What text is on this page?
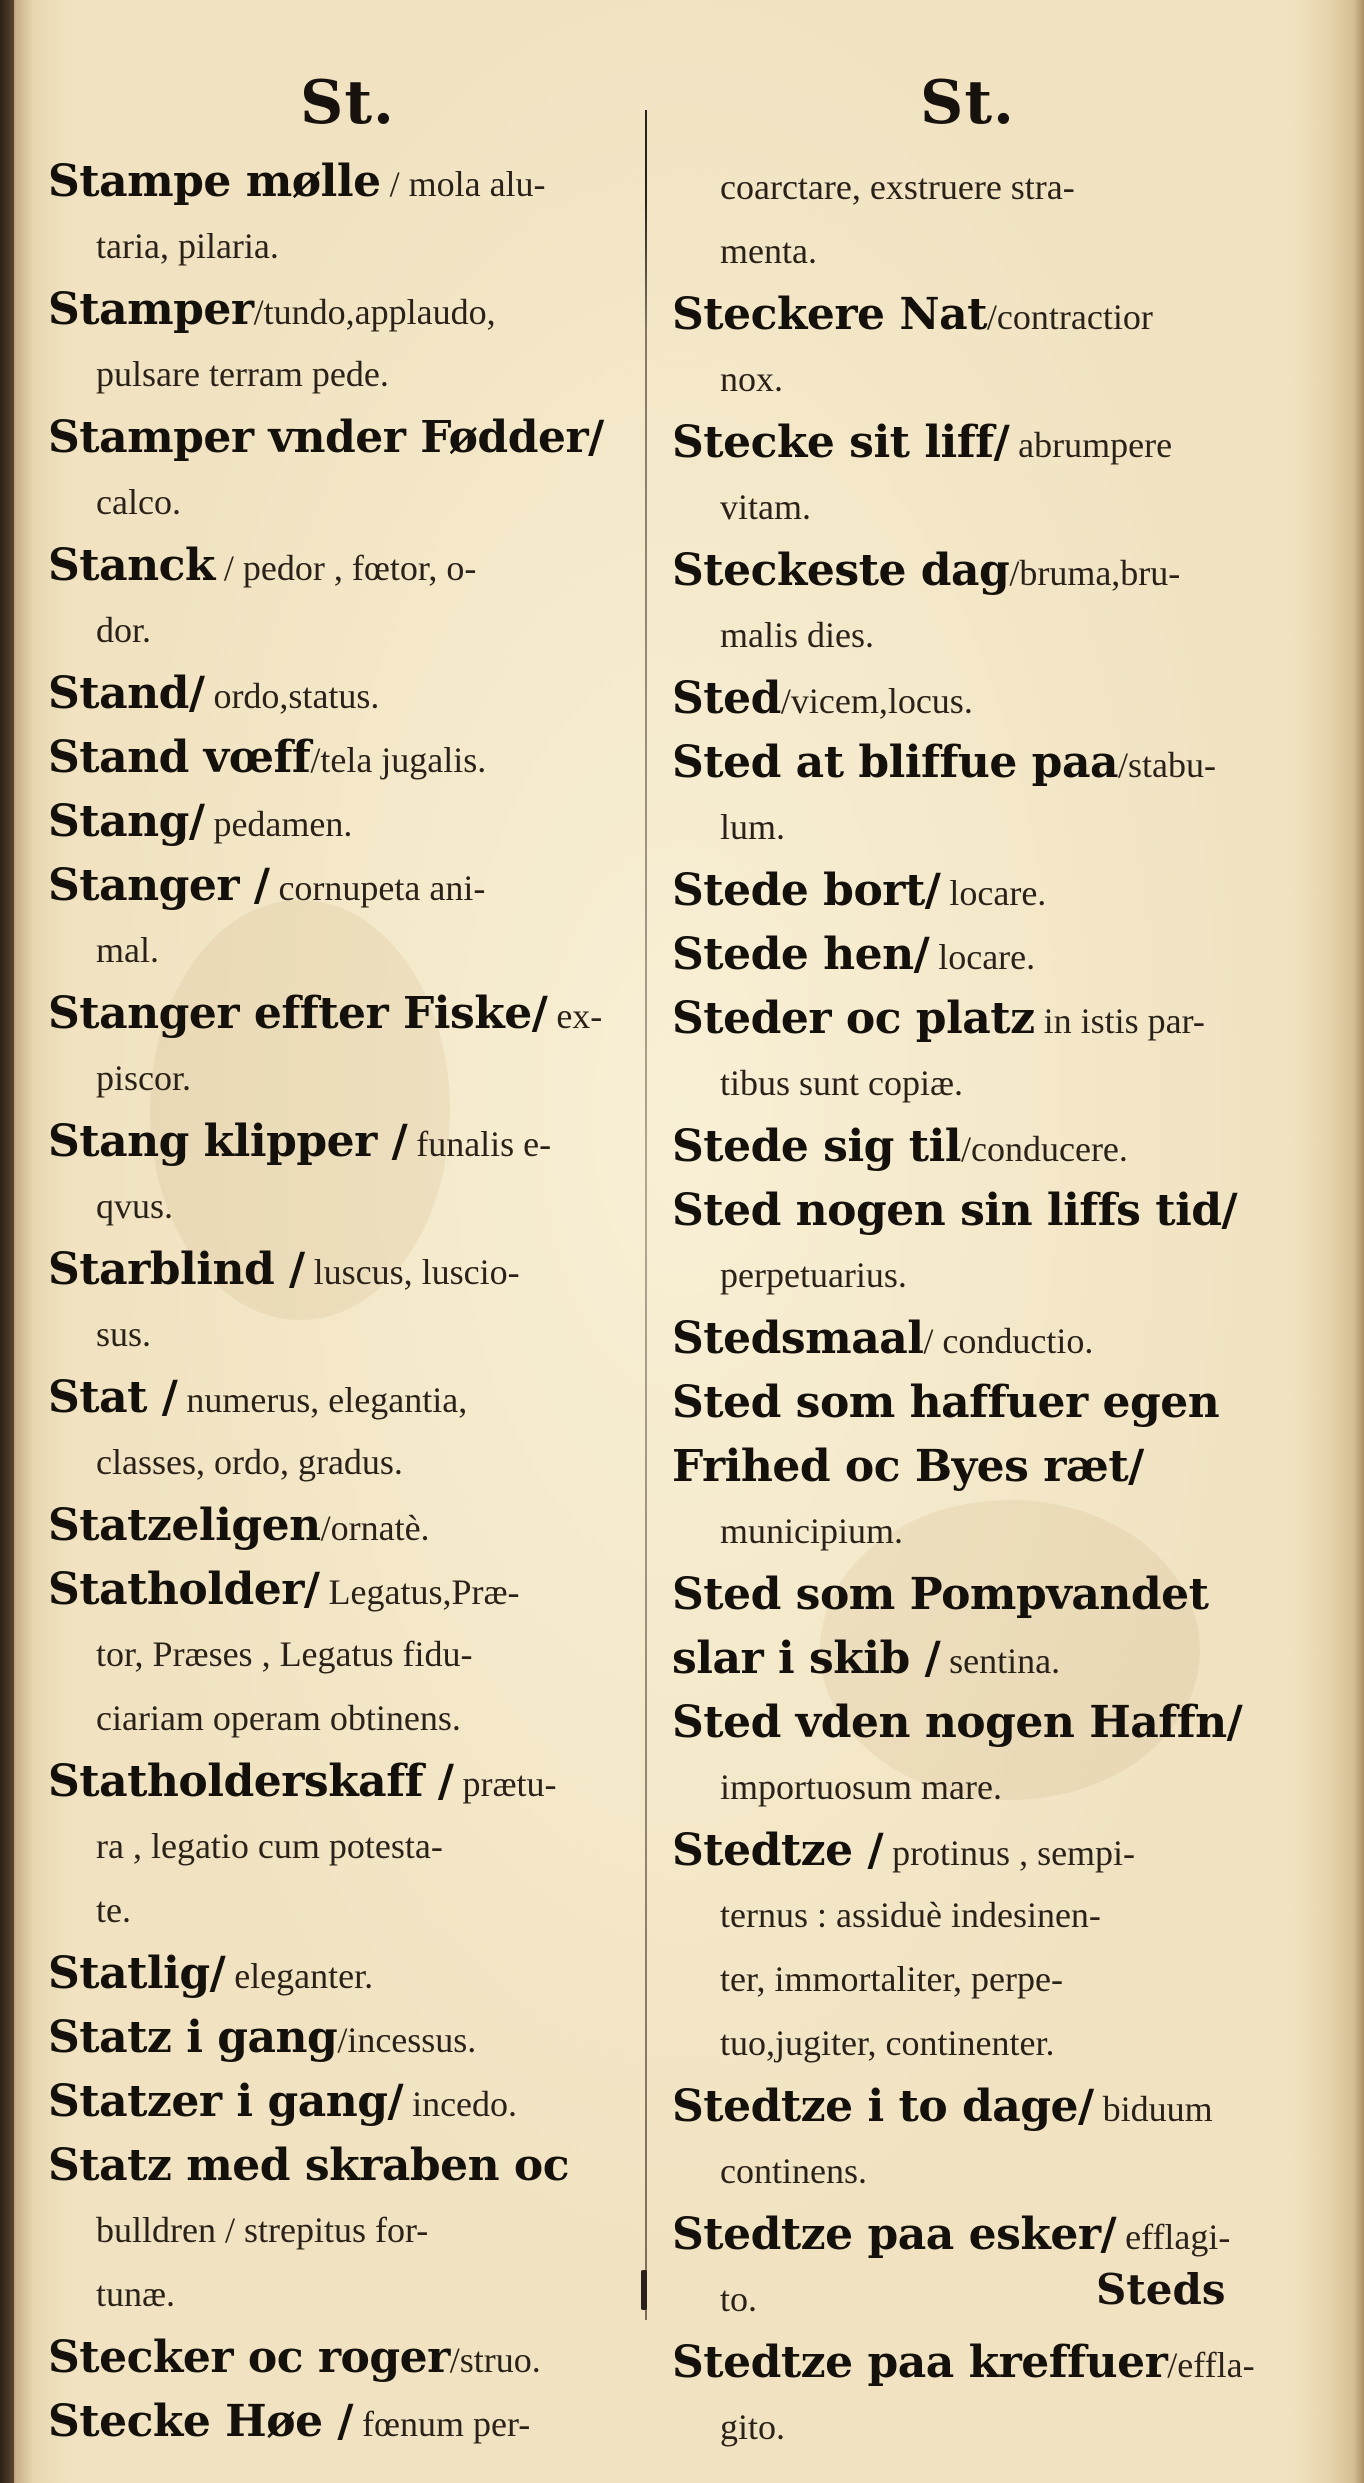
St.	St.
Stampe mølle / mola alu-
taria, pilaria.
Stamper/tundo,applaudo,
pulsare terram pede.
Stamper vnder Fødder/
calco.
Stanck / pedor , fœtor, o-
dor.
Stand/ ordo,status.
Stand vœff/tela jugalis.
Stang/ pedamen.
Stanger / cornupeta ani-
mal.
Stanger effter Fiske/ ex-
piscor.
Stang klipper / funalis e-
qvus.
Starblind / luscus, luscio-
sus.
Stat / numerus, elegantia,
classes, ordo, gradus.
Statzeligen/ornatè.
Statholder/ Legatus,Præ-
tor, Præses , Legatus fidu-
ciariam operam obtinens.
Statholderskaff / prætu-
ra , legatio cum potesta-
te.
Statlig/ eleganter.
Statz i gang/incessus.
Statzer i gang/ incedo.
Statz med skraben oc
bulldren / strepitus for-
tunæ.
Stecker oc roger/struo.
Stecke Høe / fœnum per-
coarctare, exstruere stra-
menta.
Steckere Nat/contractior
nox.
Stecke sit liff/ abrumpere
vitam.
Steckeste dag/bruma,bru-
malis dies.
Sted/vicem,locus.
Sted at bliffue paa/stabu-
lum.
Stede bort/ locare.
Stede hen/ locare.
Steder oc platz in istis par-
tibus sunt copiæ.
Stede sig til/conducere.
Sted nogen sin liffs tid/
perpetuarius.
Stedsmaal/ conductio.
Sted som haffuer egen
Frihed oc Byes ræt/
municipium.
Sted som Pompvandet
slar i skib / sentina.
Sted vden nogen Haffn/
importuosum mare.
Stedtze / protinus , sempi-
ternus : assiduè indesinen-
ter, immortaliter, perpe-
tuo,jugiter, continenter.
Stedtze i to dage/ biduum
continens.
Stedtze paa esker/ efflagi-
to.
Stedtze paa kreffuer/effla-
gito.
Steds
